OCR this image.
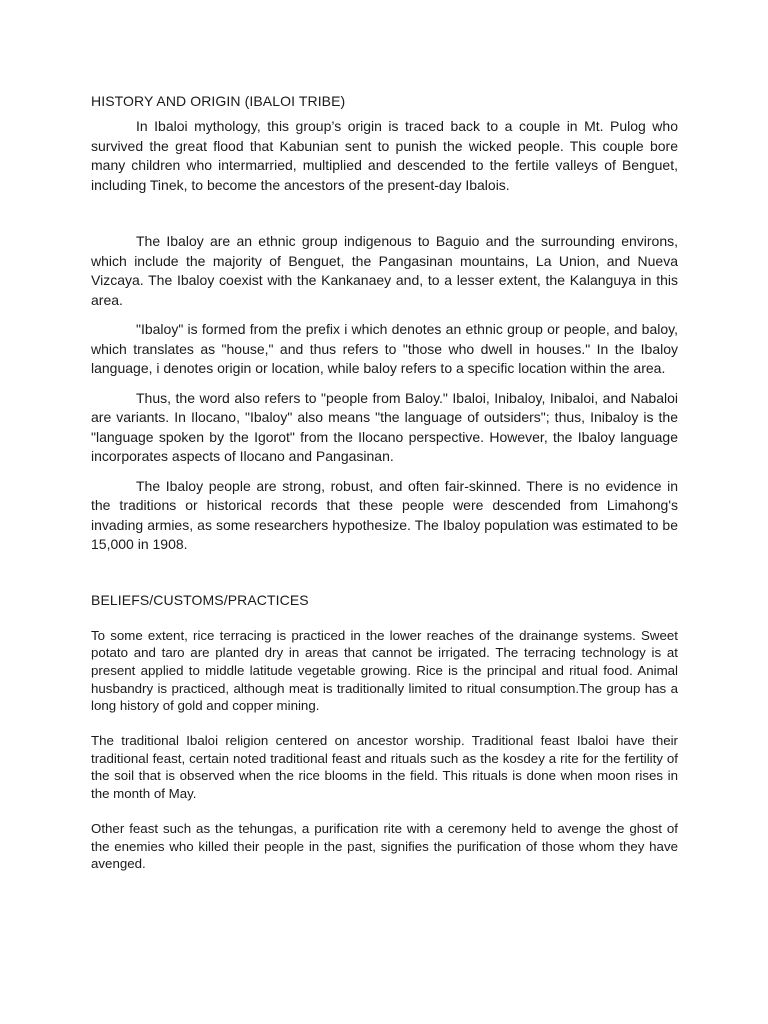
HISTORY AND ORIGIN (IBALOI TRIBE)

In Ibaloi mythology, this group’s origin is traced back to a couple in Mt. Pulog who survived the great flood that Kabunian sent to punish the wicked people. This couple bore many children who intermarried, multiplied and descended to the fertile valleys of Benguet, including Tinek, to become the ancestors of the present-day Ibalois.

The Ibaloy are an ethnic group indigenous to Baguio and the surrounding environs, which include the majority of Benguet, the Pangasinan mountains, La Union, and Nueva Vizcaya. The Ibaloy coexist with the Kankanaey and, to a lesser extent, the Kalanguya in this area.

"Ibaloy" is formed from the prefix i which denotes an ethnic group or people, and baloy, which translates as "house," and thus refers to "those who dwell in houses." In the Ibaloy language, i denotes origin or location, while baloy refers to a specific location within the area.

Thus, the word also refers to "people from Baloy." Ibaloi, Inibaloy, Inibaloi, and Nabaloi are variants. In Ilocano, "Ibaloy" also means "the language of outsiders"; thus, Inibaloy is the "language spoken by the Igorot" from the Ilocano perspective. However, the Ibaloy language incorporates aspects of Ilocano and Pangasinan.

The Ibaloy people are strong, robust, and often fair-skinned. There is no evidence in the traditions or historical records that these people were descended from Limahong's invading armies, as some researchers hypothesize. The Ibaloy population was estimated to be 15,000 in 1908.

BELIEFS/CUSTOMS/PRACTICES

To some extent, rice terracing is practiced in the lower reaches of the drainange systems. Sweet potato and taro are planted dry in areas that cannot be irrigated. The terracing technology is at present applied to middle latitude vegetable growing. Rice is the principal and ritual food. Animal husbandry is practiced, although meat is traditionally limited to ritual consumption.The group has a long history of gold and copper mining.

The traditional Ibaloi religion centered on ancestor worship. Traditional feast Ibaloi have their traditional feast, certain noted traditional feast and rituals such as the kosdey a rite for the fertility of the soil that is observed when the rice blooms in the field. This rituals is done when moon rises in the month of May.

Other feast such as the tehungas, a purification rite with a ceremony held to avenge the ghost of the enemies who killed their people in the past, signifies the purification of those whom they have avenged.
